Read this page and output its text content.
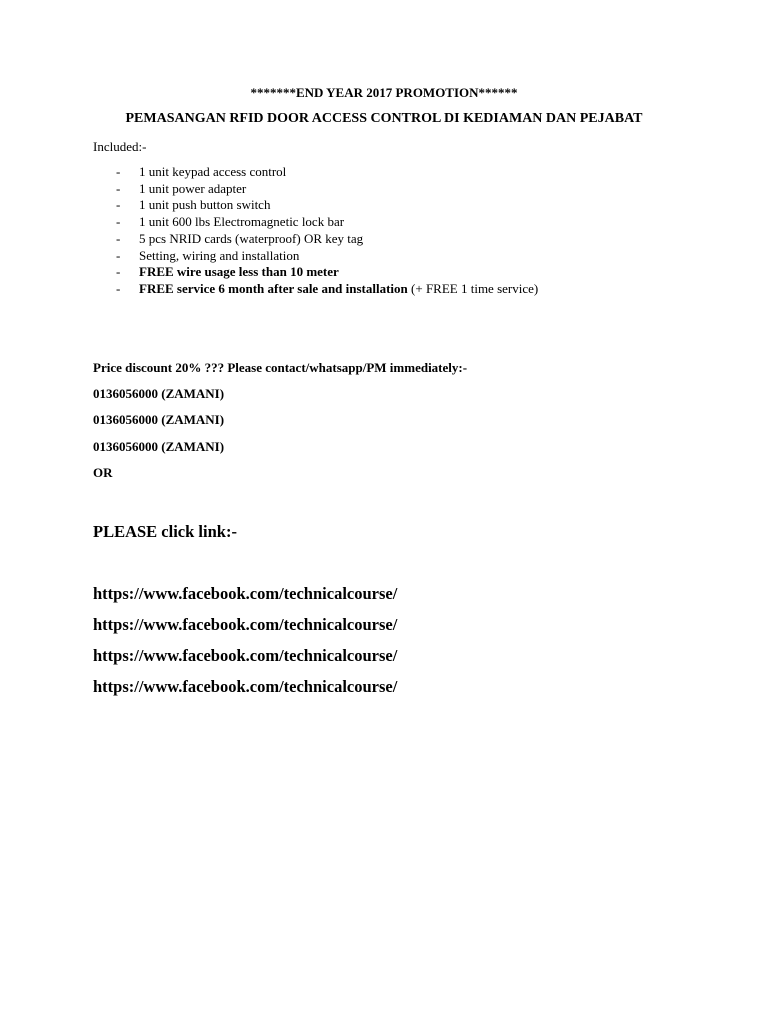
*******END YEAR 2017 PROMOTION******
PEMASANGAN RFID DOOR ACCESS CONTROL DI KEDIAMAN DAN PEJABAT
Included:-
- 1 unit keypad access control
- 1 unit power adapter
- 1 unit push button switch
- 1 unit 600 lbs Electromagnetic lock bar
- 5 pcs NRID cards (waterproof) OR key tag
- Setting, wiring and installation
- FREE wire usage less than 10 meter
- FREE service 6 month after sale and installation (+ FREE 1 time service)
Price discount 20% ??? Please contact/whatsapp/PM immediately:-
0136056000 (ZAMANI)
0136056000 (ZAMANI)
0136056000 (ZAMANI)
OR
PLEASE click link:-
https://www.facebook.com/technicalcourse/
https://www.facebook.com/technicalcourse/
https://www.facebook.com/technicalcourse/
https://www.facebook.com/technicalcourse/
